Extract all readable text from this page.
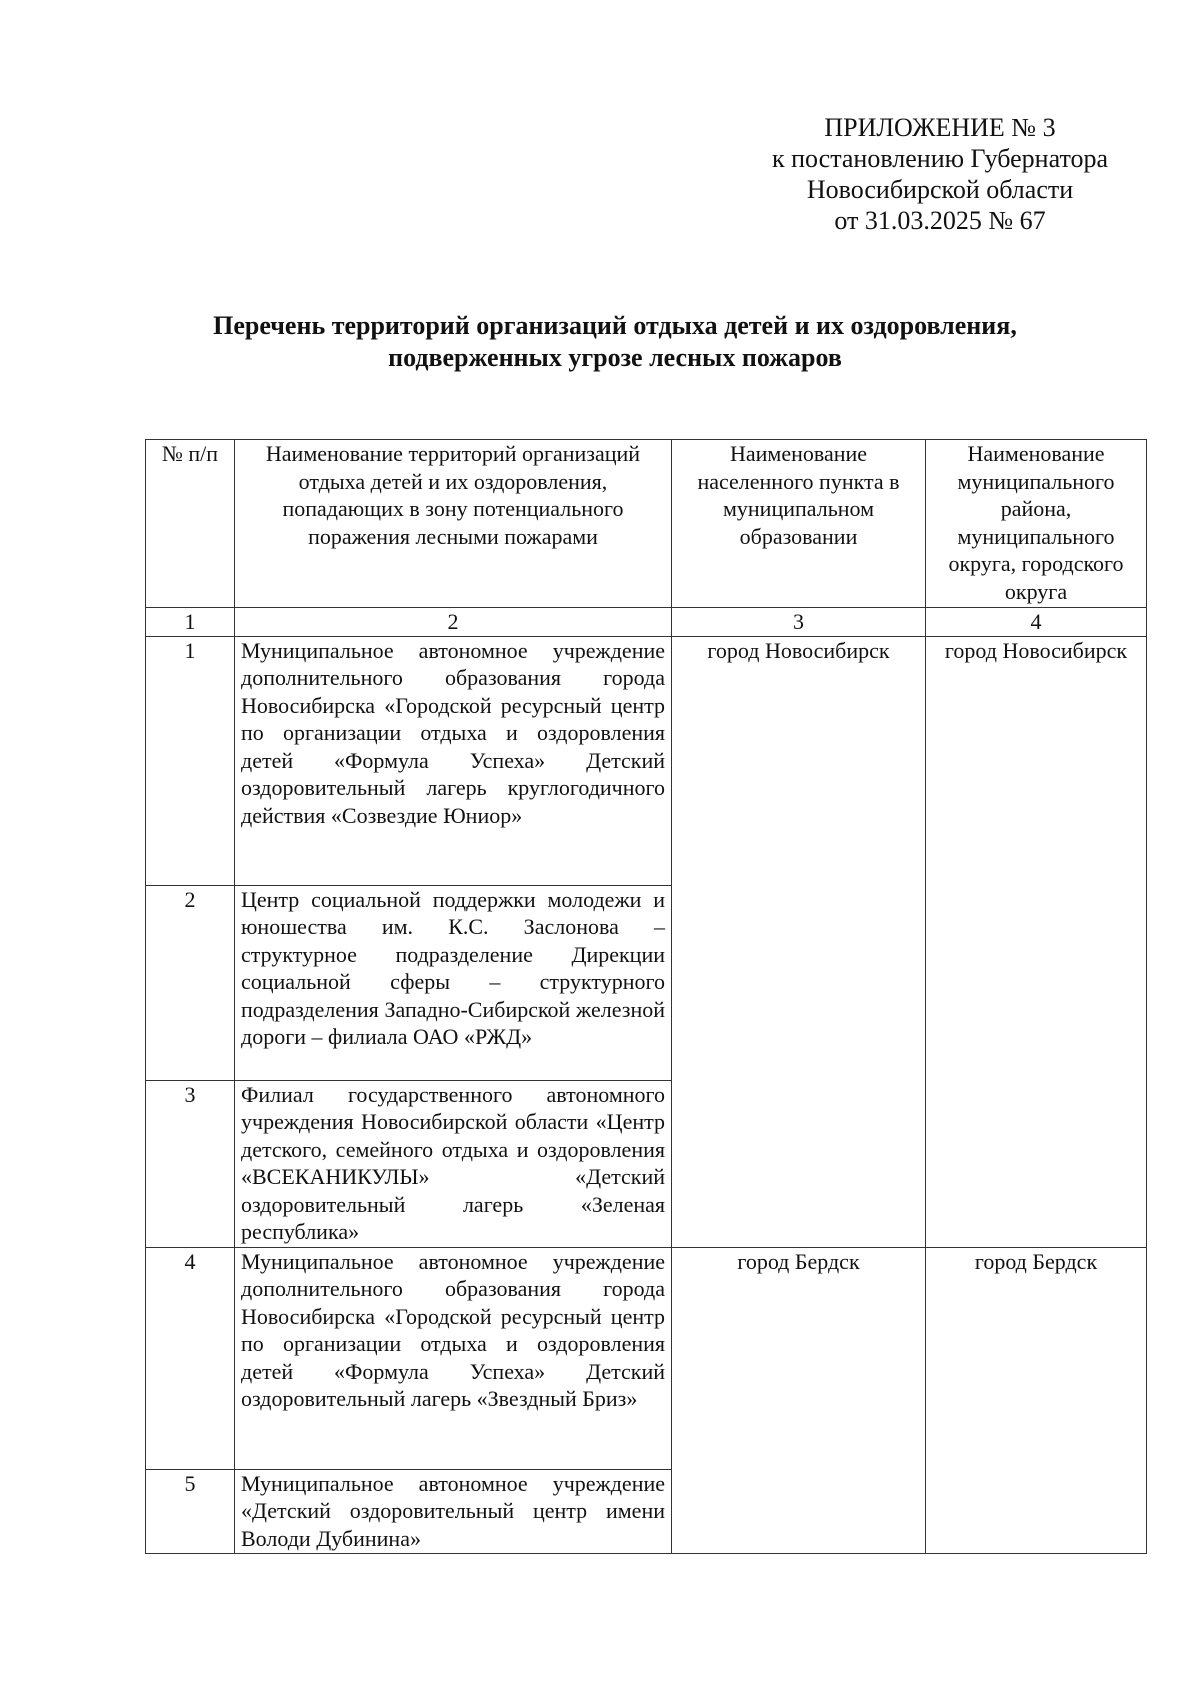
ПРИЛОЖЕНИЕ № 3
к постановлению Губернатора
Новосибирской области
от 31.03.2025 № 67
Перечень территорий организаций отдыха детей и их оздоровления,
подверженных угрозе лесных пожаров
№ п/п	Наименование территорий организаций отдыха детей и их оздоровления, попадающих в зону потенциального поражения лесными пожарами	Наименование населенного пункта в муниципальном образовании	Наименование муниципального района, муниципального округа, городского округа
1	2	3	4
1	Муниципальное автономное учреждение дополнительного образования города Новосибирска «Городской ресурсный центр по организации отдыха и оздоровления детей «Формула Успеха» Детский оздоровительный лагерь круглогодичного действия «Созвездие Юниор»	город Новосибирск	город Новосибирск
2	Центр социальной поддержки молодежи и юношества им. К.С. Заслонова – структурное подразделение Дирекции социальной сферы – структурного подразделения Западно-Сибирской железной дороги – филиала ОАО «РЖД»		
3	Филиал государственного автономного учреждения Новосибирской области «Центр детского, семейного отдыха и оздоровления «ВСЕКАНИКУЛЫ» «Детский оздоровительный лагерь «Зеленая республика»		
4	Муниципальное автономное учреждение дополнительного образования города Новосибирска «Городской ресурсный центр по организации отдыха и оздоровления детей «Формула Успеха» Детский оздоровительный лагерь «Звездный Бриз»	город Бердск	город Бердск
5	Муниципальное автономное учреждение «Детский оздоровительный центр имени Володи Дубинина»		
